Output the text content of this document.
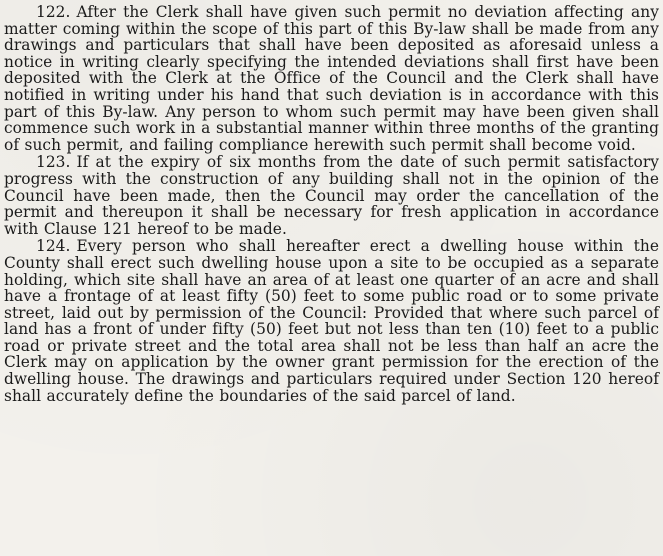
122. After the Clerk shall have given such permit no deviation affecting any matter coming within the scope of this part of this By-law shall be made from any drawings and particulars that shall have been deposited as aforesaid unless a notice in writing clearly specifying the intended deviations shall first have been deposited with the Clerk at the Office of the Council and the Clerk shall have notified in writing under his hand that such deviation is in accordance with this part of this By-law. Any person to whom such permit may have been given shall commence such work in a substantial manner within three months of the granting of such permit, and failing compliance herewith such permit shall become void.

123. If at the expiry of six months from the date of such permit satisfactory progress with the construction of any building shall not in the opinion of the Council have been made, then the Council may order the cancellation of the permit and thereupon it shall be necessary for fresh application in accordance with Clause 121 hereof to be made.

124. Every person who shall hereafter erect a dwelling house within the County shall erect such dwelling house upon a site to be occupied as a separate holding, which site shall have an area of at least one quarter of an acre and shall have a frontage of at least fifty (50) feet to some public road or to some private street, laid out by permission of the Council: Provided that where such parcel of land has a front of under fifty (50) feet but not less than ten (10) feet to a public road or private street and the total area shall not be less than half an acre the Clerk may on application by the owner grant permission for the erection of the dwelling house. The drawings and particulars required under Section 120 hereof shall accurately define the boundaries of the said parcel of land.
